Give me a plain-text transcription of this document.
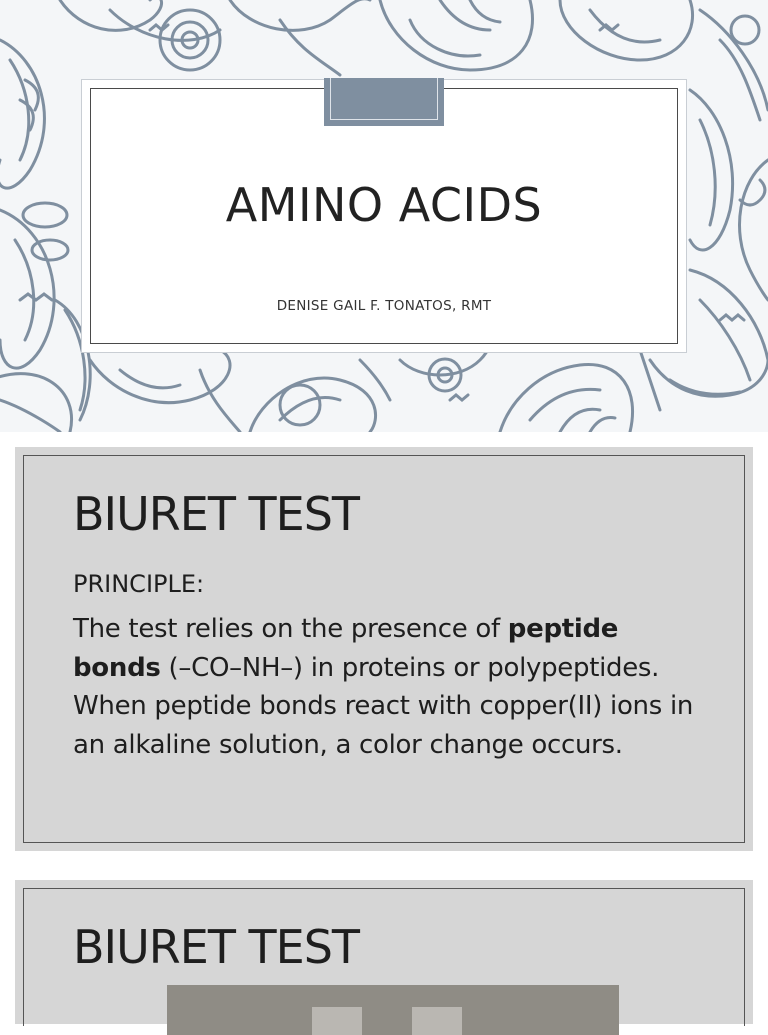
AMINO ACIDS
DENISE GAIL F. TONATOS, RMT
BIURET TEST
PRINCIPLE:

The test relies on the presence of peptide bonds (–CO–NH–) in proteins or polypeptides. When peptide bonds react with copper(II) ions in an alkaline solution, a color change occurs.

BIURET TEST
